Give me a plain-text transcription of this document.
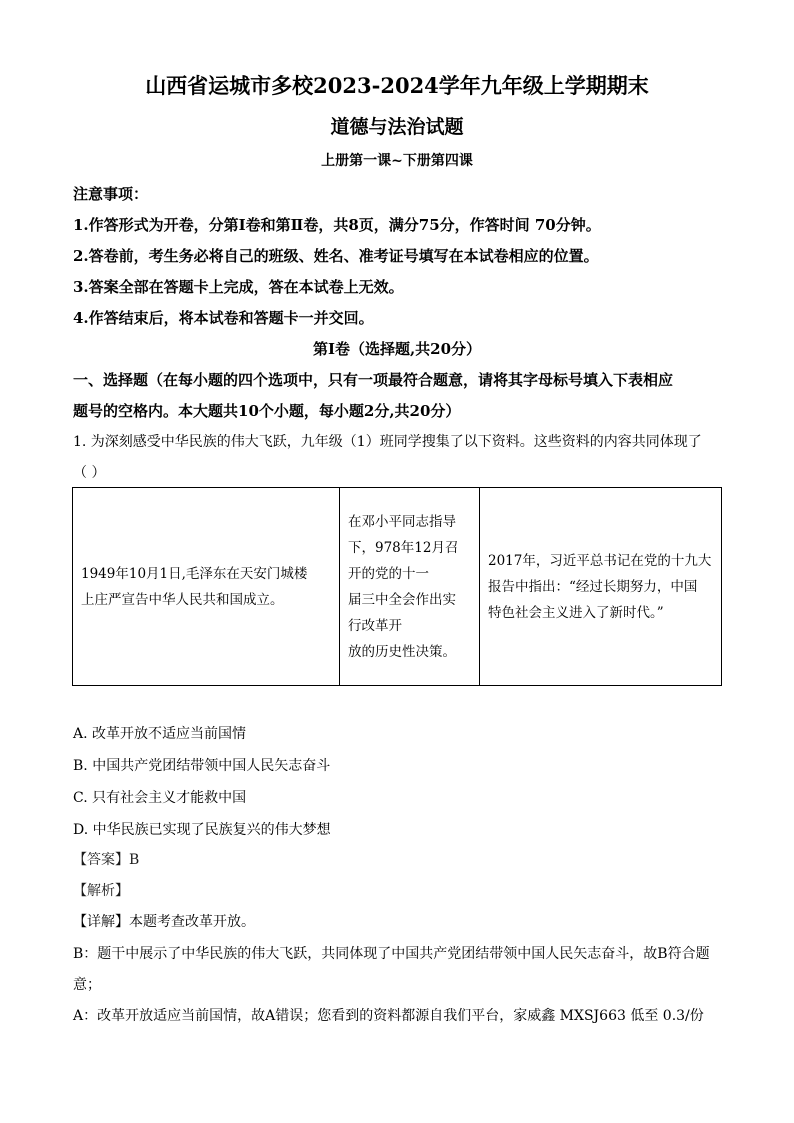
山西省运城市多校2023-2024学年九年级上学期期末
道德与法治试题
上册第一课~下册第四课
注意事项：
1.作答形式为开卷，分第Ⅰ卷和第Ⅱ卷，共8页，满分75分，作答时间 70分钟。
2.答卷前，考生务必将自己的班级、姓名、准考证号填写在本试卷相应的位置。
3.答案全部在答题卡上完成，答在本试卷上无效。
4.作答结束后，将本试卷和答题卡一并交回。
第Ⅰ卷（选择题,共20分）
一、选择题（在每小题的四个选项中，只有一项最符合题意，请将其字母标号填入下表相应
题号的空格内。本大题共10个小题，每小题2分,共20分）
1. 为深刻感受中华民族的伟大飞跃，九年级（1）班同学搜集了以下资料。这些资料的内容共同体现了
（ ）
1949年10月1日,毛泽东在天安门城楼
上庄严宣告中华人民共和国成立。

在邓小平同志指导
下，978年12月召
开的党的十一
届三中全会作出实
行改革开
放的历史性决策。

2017年，习近平总书记在党的十九大
报告中指出：“经过长期努力，中国
特色社会主义进入了新时代。”
A. 改革开放不适应当前国情
B. 中国共产党团结带领中国人民矢志奋斗
C. 只有社会主义才能救中国
D. 中华民族已实现了民族复兴的伟大梦想
【答案】B
【解析】
【详解】本题考查改革开放。
B：题干中展示了中华民族的伟大飞跃，共同体现了中国共产党团结带领中国人民矢志奋斗，故B符合题
意；
A：改革开放适应当前国情，故A错误；您看到的资料都源自我们平台，家威鑫 MXSJ663 低至 0.3/份
